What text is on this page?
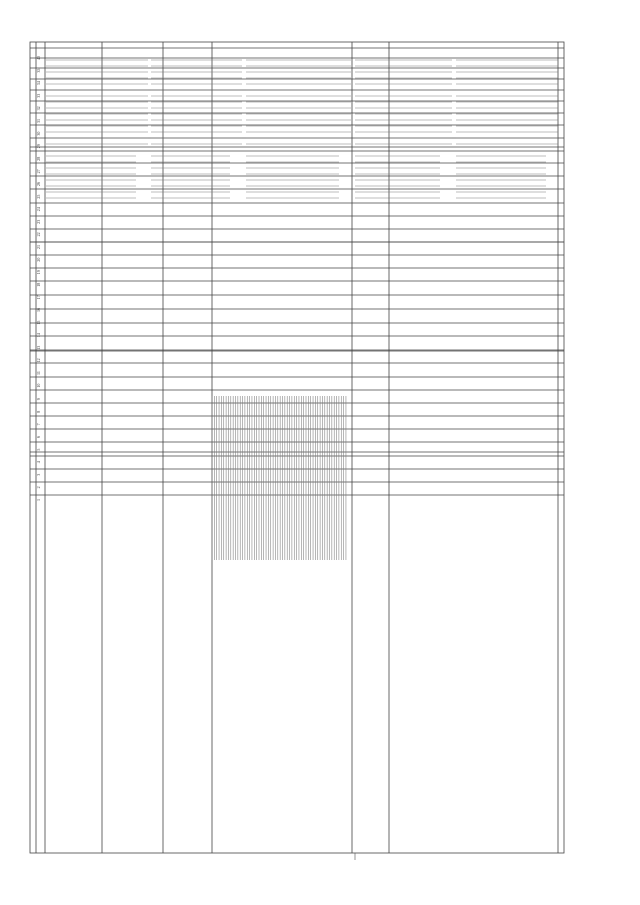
40
35
34
33
32
31
30
29
28
27
26
25
24
23
22
21
20
19
18
17
16
15
14
13
12
11
10
9
8
7
6
5
4
3
2
1
